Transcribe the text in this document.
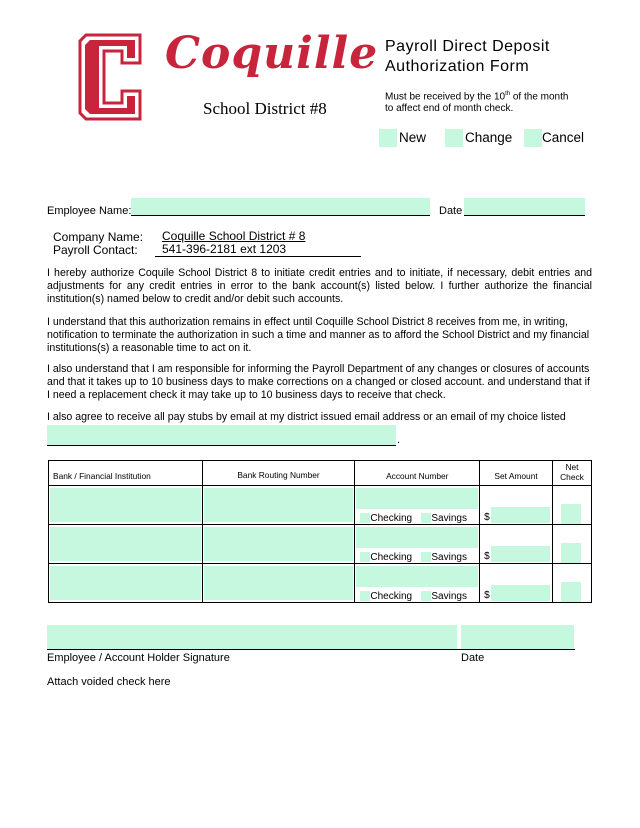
Coquille
School District #8
Payroll Direct Deposit
Authorization Form
Must be received by the 10th of the month
to affect end of month check.
New	Change Cancel
Employee Name:	Date
Company Name: Coquille School District # 8
Payroll Contact:	541-396-2181 ext 1203
I hereby authorize Coquile School District 8 to initiate credit entries and to initiate, if necessary, debit entries and adjustments for any credit entries in error to the bank account(s) listed below. I further authorize the financial institution(s) named below to credit and/or debit such accounts.
I understand that this authorization remains in effect until Coquille School District 8 receives from me, in writing, notification to terminate the authorization in such a time and manner as to afford the School District and my financial institutions(s) a reasonable time to act on it.
I also understand that I am responsible for informing the Payroll Department of any changes or closures of accounts and that it takes up to 10 business days to make corrections on a changed or closed account. and understand that if I need a replacement check it may take up to 10 business days to receive that check.
I also agree to receive all pay stubs by email at my district issued email address or an email of my choice listed
.
Bank / Financial Institution	Bank Routing Number	Account Number	Set Amount	Net
Check

		Checking Savings	$	

		Checking Savings	$	

		Checking Savings	$	

Employee / Account Holder Signature	Date
Attach voided check here
